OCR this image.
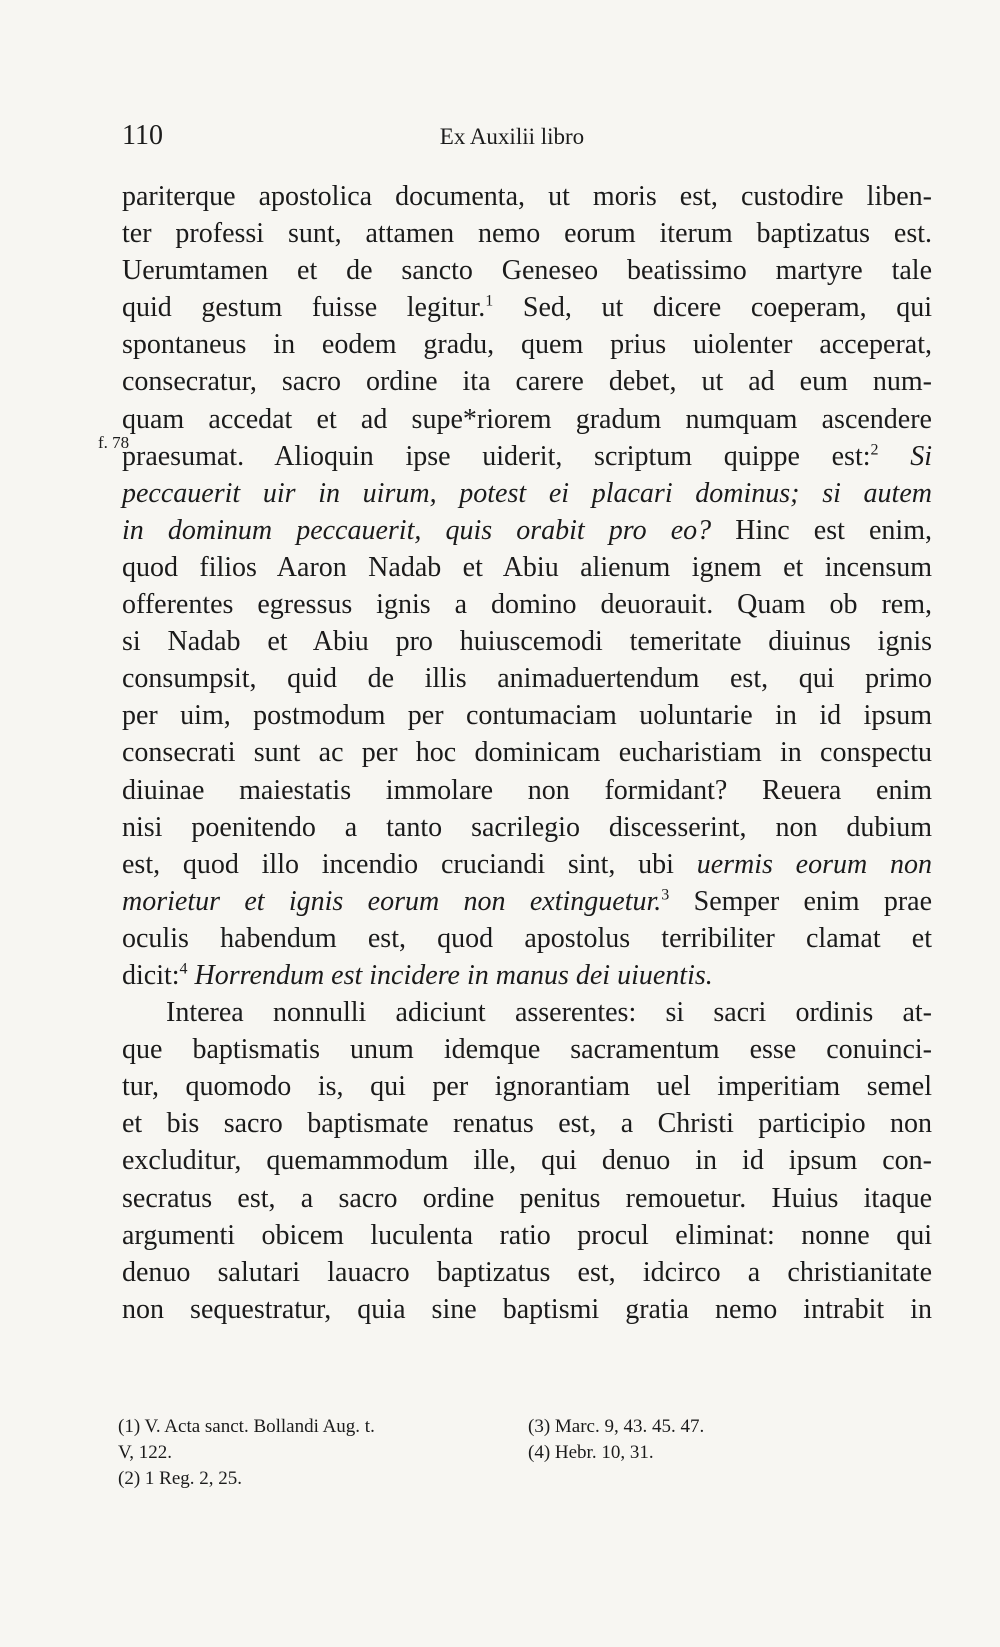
110	Ex Auxilii libro
f. 78
pariterque apostolica documenta, ut moris est, custodire liben-
ter professi sunt, attamen nemo eorum iterum baptizatus est.
Uerumtamen et de sancto Geneseo beatissimo martyre tale
quid gestum fuisse legitur.$^1$ Sed, ut dicere coeperam, qui
spontaneus in eodem gradu, quem prius uiolenter acceperat,
consecratur, sacro ordine ita carere debet, ut ad eum num-
quam accedat et ad supe*riorem gradum numquam ascendere
praesumat. Alioquin ipse uiderit, scriptum quippe est:$^2$ Si
peccauerit uir in uirum, potest ei placari dominus; si autem
in dominum peccauerit, quis orabit pro eo? Hinc est enim,
quod filios Aaron Nadab et Abiu alienum ignem et incensum
offerentes egressus ignis a domino deuorauit. Quam ob rem,
si Nadab et Abiu pro huiuscemodi temeritate diuinus ignis
consumpsit, quid de illis animaduertendum est, qui primo
per uim, postmodum per contumaciam uoluntarie in id ipsum
consecrati sunt ac per hoc dominicam eucharistiam in conspectu
diuinae maiestatis immolare non formidant? Reuera enim
nisi poenitendo a tanto sacrilegio discesserint, non dubium
est, quod illo incendio cruciandi sint, ubi uermis eorum non
morietur et ignis eorum non extinguetur.$^3$ Semper enim prae
oculis habendum est, quod apostolus terribiliter clamat et
dicit:$^4$ Horrendum est incidere in manus dei uiuentis.
Interea nonnulli adiciunt asserentes: si sacri ordinis at-
que baptismatis unum idemque sacramentum esse conuinci-
tur, quomodo is, qui per ignorantiam uel imperitiam semel
et bis sacro baptismate renatus est, a Christi participio non
excluditur, quemammodum ille, qui denuo in id ipsum con-
secratus est, a sacro ordine penitus remouetur. Huius itaque
argumenti obicem luculenta ratio procul eliminat: nonne qui
denuo salutari lauacro baptizatus est, idcirco a christianitate
non sequestratur, quia sine baptismi gratia nemo intrabit in
(1) V. Acta sanct. Bollandi Aug. t.
V, 122.
(2) 1 Reg. 2, 25.
(3) Marc. 9, 43. 45. 47.
(4) Hebr. 10, 31.
